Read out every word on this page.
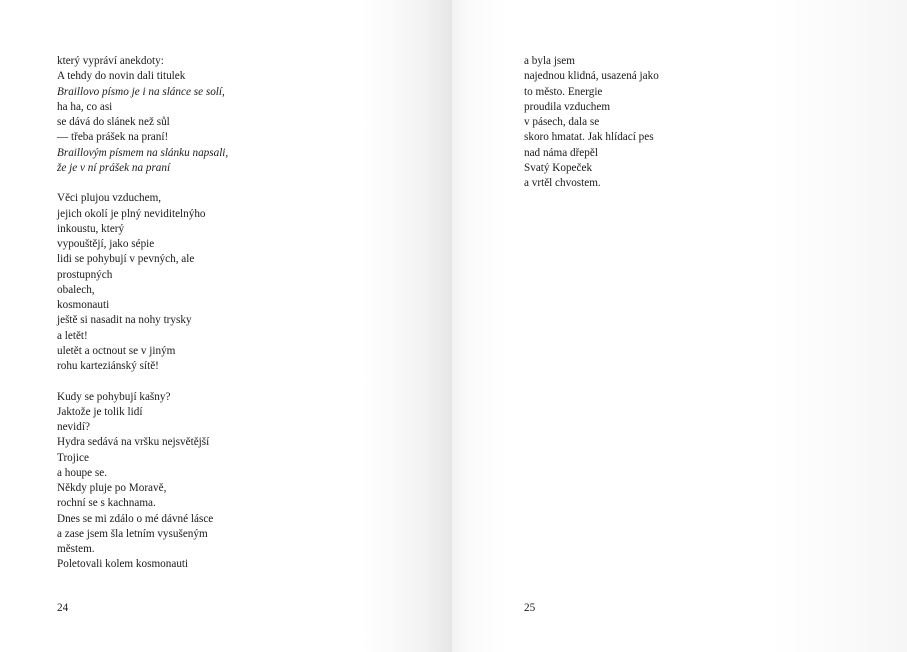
který vypráví anekdoty:
A tehdy do novin dali titulek
Braillovo písmo je i na slánce se solí,
ha ha, co asi
se dává do slánek než sůl
— třeba prášek na praní!
Braillovým písmem na slánku napsali,
že je v ní prášek na praní
Věci plujou vzduchem,
jejich okolí je plný neviditelnýho
inkoustu, který
vypouštějí, jako sépie
lidi se pohybují v pevných, ale
prostupných
obalech,
kosmonauti
ještě si nasadit na nohy trysky
a letět!
uletět a octnout se v jiným
rohu karteziánský sítě!
Kudy se pohybují kašny?
Jaktože je tolik lidí
nevidí?
Hydra sedává na vršku nejsvětější
Trojice
a houpe se.
Někdy pluje po Moravě,
rochní se s kachnama.
Dnes se mi zdálo o mé dávné lásce
a zase jsem šla letním vysušeným
městem.
Poletovali kolem kosmonauti
24
a byla jsem
najednou klidná, usazená jako
to město. Energie
proudila vzduchem
v pásech, dala se
skoro hmatat. Jak hlídací pes
nad náma dřepěl
Svatý Kopeček
a vrtěl chvostem.
25
